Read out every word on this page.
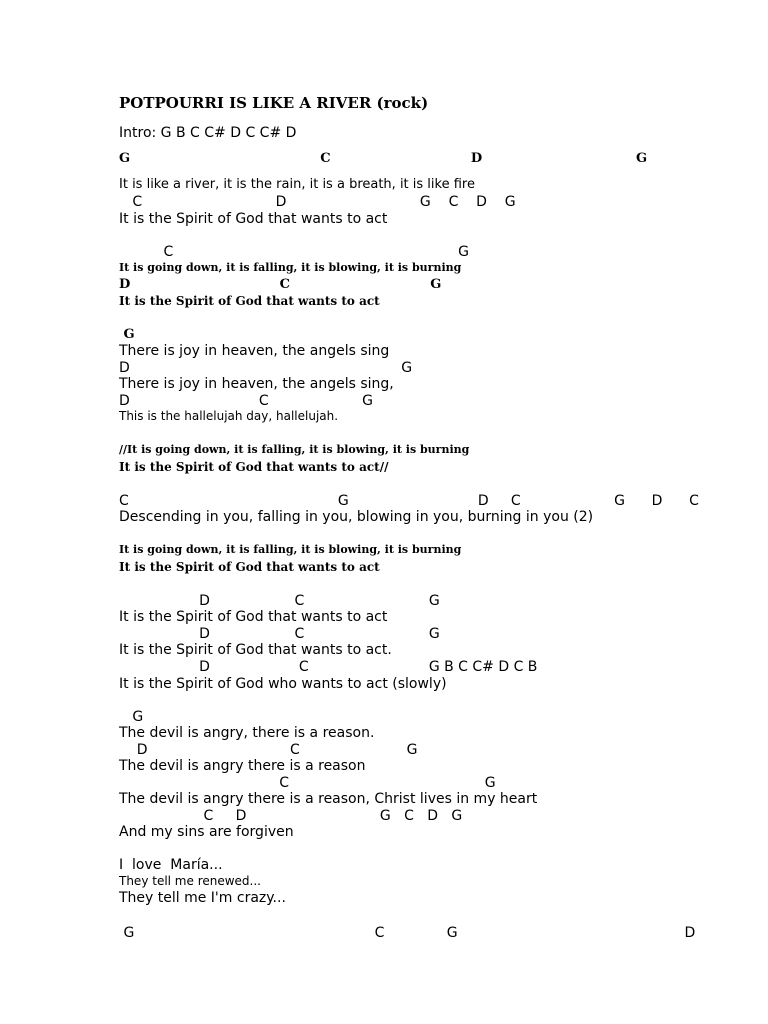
POTPOURRI IS LIKE A RIVER (rock)
Intro: G B C C# D C C# D
G                                          C                               D                                  G
It is like a river, it is the rain, it is a breath, it is like fire
C                              D                              G    C    D    G
It is the Spirit of God that wants to act
C                                                                G
It is going down, it is falling, it is blowing, it is burning
D                                 C                               G
It is the Spirit of God that wants to act
G
There is joy in heaven, the angels sing
D                                                             G
There is joy in heaven, the angels sing,
D                             C                     G
This is the hallelujah day, hallelujah.
//It is going down, it is falling, it is blowing, it is burning
It is the Spirit of God that wants to act//
C                                               G                             D     C                     G      D      C
Descending in you, falling in you, blowing in you, burning in you (2)
It is going down, it is falling, it is blowing, it is burning
It is the Spirit of God that wants to act
D                   C                            G
It is the Spirit of God that wants to act
D                   C                            G
It is the Spirit of God that wants to act.
D                    C                           G B C C# D C B
It is the Spirit of God who wants to act (slowly)
G
The devil is angry, there is a reason.
D                                C                        G
The devil is angry there is a reason
C                                            G
The devil is angry there is a reason, Christ lives in my heart
C     D                              G   C   D   G
And my sins are forgiven
I  love  María...
They tell me renewed...
They tell me I'm crazy...
G                                                      C              G                                                   D
